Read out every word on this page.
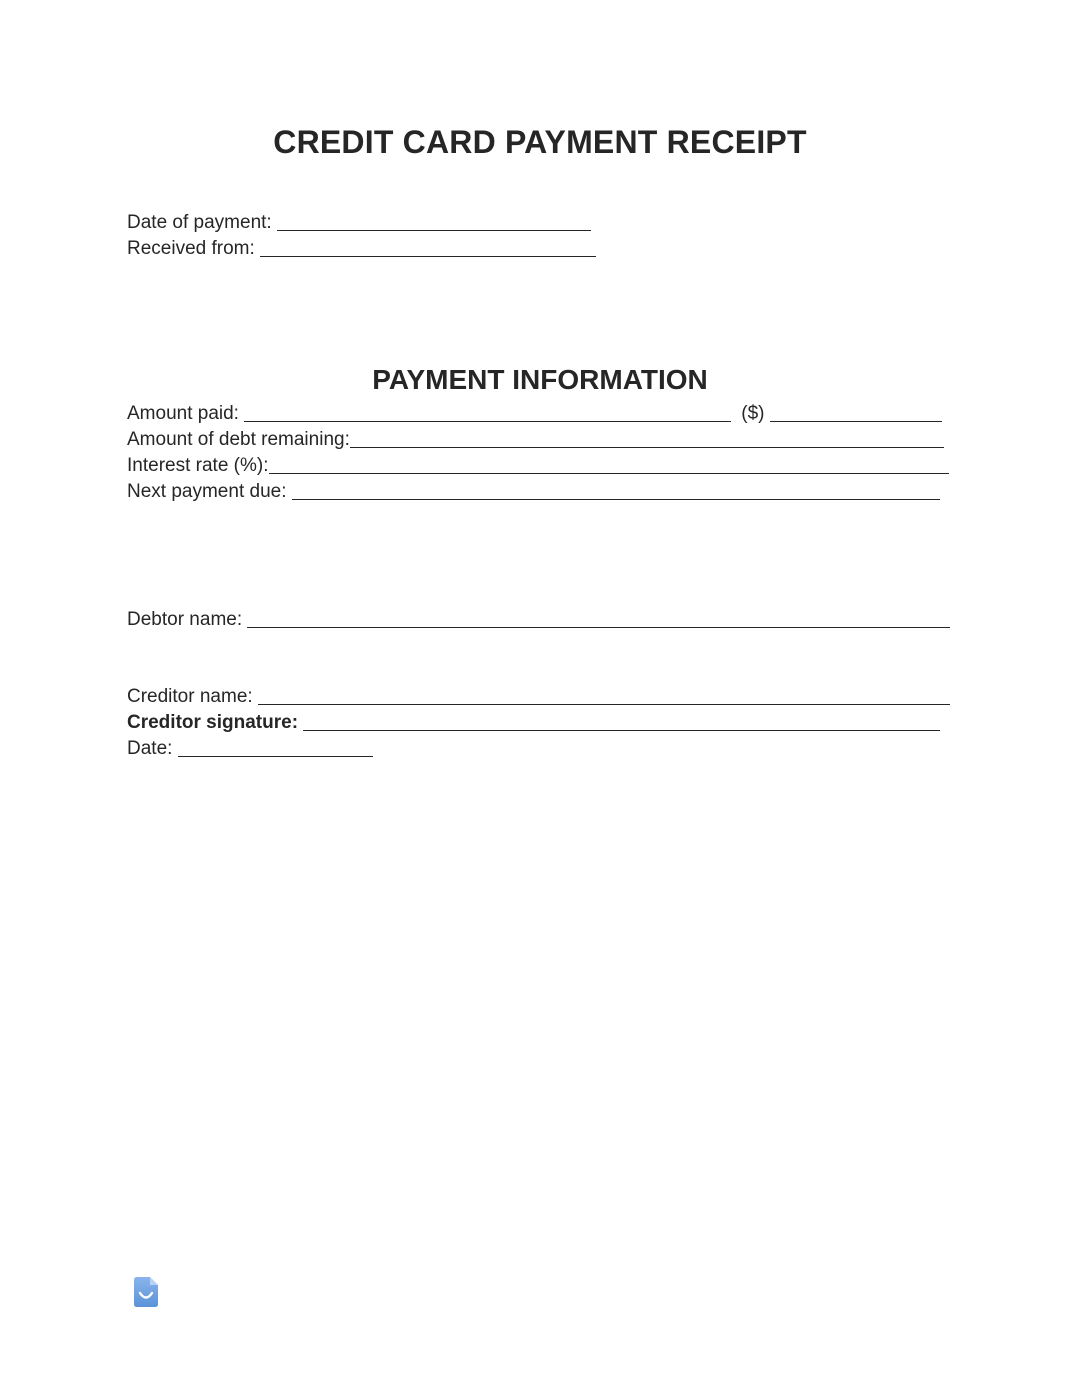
CREDIT CARD PAYMENT RECEIPT
Date of payment:
Received from:
PAYMENT INFORMATION
Amount paid:	($)
Amount of debt remaining:
Interest rate (%):
Next payment due:
Debtor name:
Creditor name:
Creditor signature:
Date:
